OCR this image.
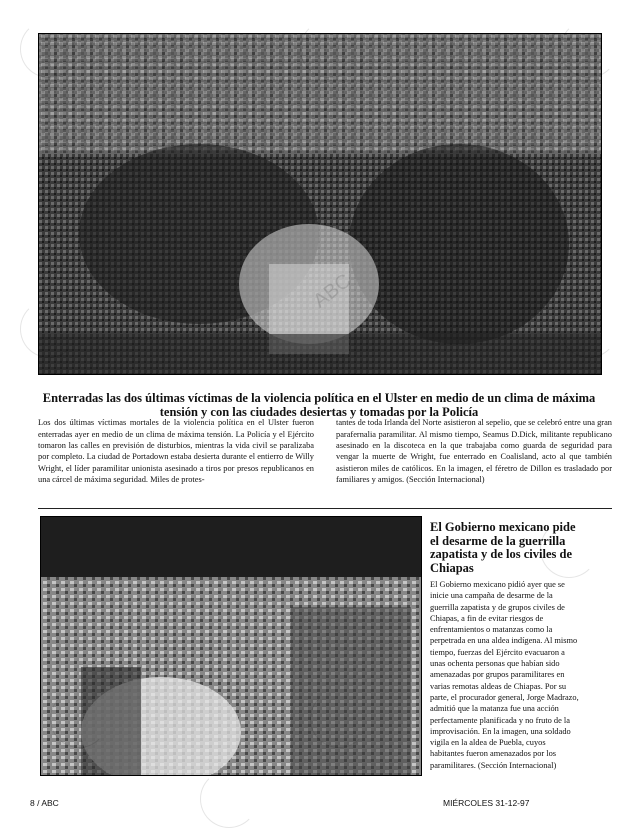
Enterradas las dos últimas víctimas de la violencia política en el Ulster en medio de un clima de máxima tensión y con las ciudades desiertas y tomadas por la Policía

Los dos últimas víctimas mortales de la violencia política en el Ulster fueron enterradas ayer en medio de un clima de máxima tensión. La Policía y el Ejército tomaron las calles en previsión de disturbios, mientras la vida civil se paralizaba por completo. La ciudad de Portadown estaba desierta durante el entierro de Willy Wright, el líder paramilitar unionista asesinado a tiros por presos republicanos en una cárcel de máxima seguridad. Miles de protes-

tantes de toda Irlanda del Norte asistieron al sepelio, que se celebró entre una gran parafernalia paramilitar. Al mismo tiempo, Seamus D.Dick, militante republicano asesinado en la discoteca en la que trabajaba como guarda de seguridad para vengar la muerte de Wright, fue enterrado en Coalisland, acto al que también asistieron miles de católicos. En la imagen, el féretro de Dillon es trasladado por familiares y amigos. (Sección Internacional)

El Gobierno mexicano pide el desarme de la guerrilla zapatista y de los civiles de Chiapas

El Gobierno mexicano pidió ayer que se inicie una campaña de desarme de la guerrilla zapatista y de grupos civiles de Chiapas, a fin de evitar riesgos de enfrentamientos o matanzas como la perpetrada en una aldea indígena. Al mismo tiempo, fuerzas del Ejército evacuaron a unas ochenta personas que habían sido amenazadas por grupos paramilitares en varias remotas aldeas de Chiapas. Por su parte, el procurador general, Jorge Madrazo, admitió que la matanza fue una acción perfectamente planificada y no fruto de la improvisación. En la imagen, una soldado vigila en la aldea de Puebla, cuyos habitantes fueron amenazados por los paramilitares. (Sección Internacional)

8 / ABC	MIÉRCOLES 31-12-97
